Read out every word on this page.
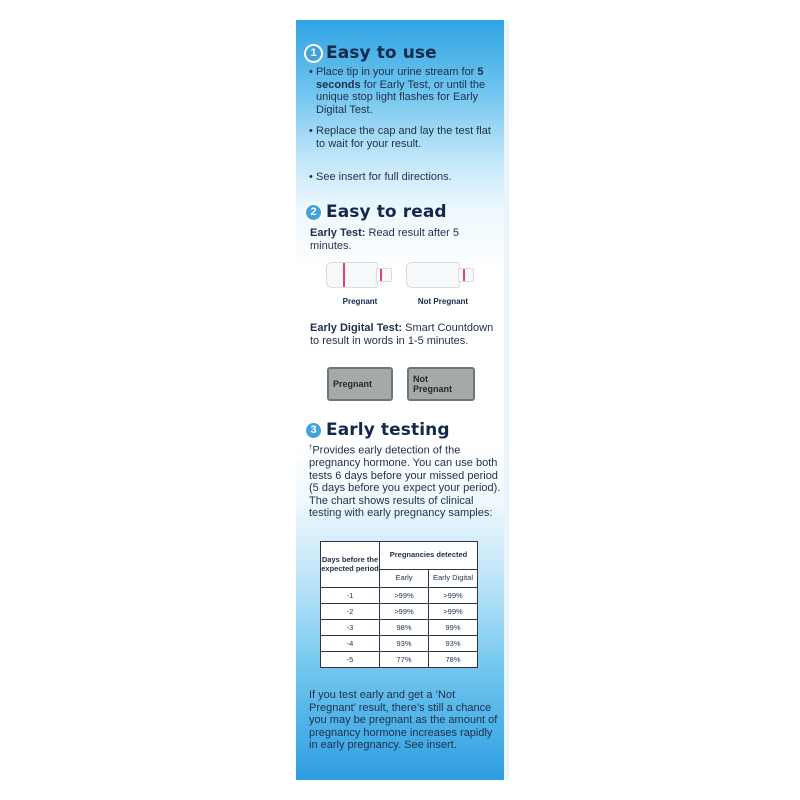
1 Easy to use
• Place tip in your urine stream for 5 seconds for Early Test, or until the unique stop light flashes for Early Digital Test.
• Replace the cap and lay the test flat to wait for your result.
• See insert for full directions.
2 Easy to read
Early Test: Read result after 5 minutes.
Pregnant	Not Pregnant
Early Digital Test: Smart Countdown to result in words in 1-5 minutes.
Pregnant	Not Pregnant
3 Early testing
†Provides early detection of the pregnancy hormone. You can use both tests 6 days before your missed period (5 days before you expect your period). The chart shows results of clinical testing with early pregnancy samples:
Days before the expected period	Pregnancies detected	
	Early	Early Digital
-1	>99%	>99%
-2	>99%	>99%
-3	98%	99%
-4	93%	93%
-5	77%	78%
If you test early and get a ‘Not Pregnant’ result, there’s still a chance you may be pregnant as the amount of pregnancy hormone increases rapidly in early pregnancy. See insert.
